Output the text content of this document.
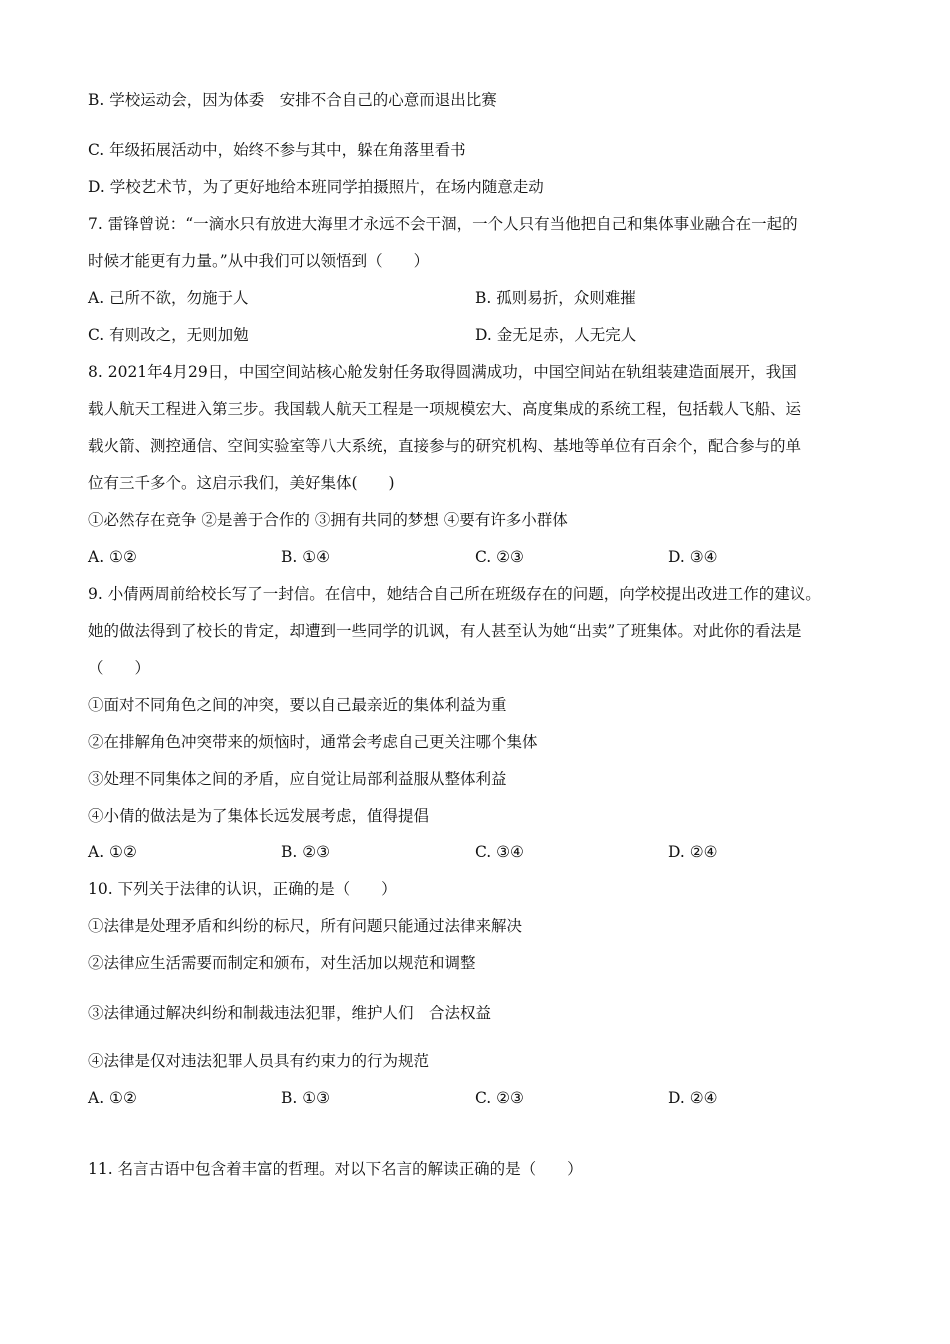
B. 学校运动会，因为体委　安排不合自己的心意而退出比赛
C. 年级拓展活动中，始终不参与其中，躲在角落里看书
D. 学校艺术节，为了更好地给本班同学拍摄照片，在场内随意走动
7. 雷锋曾说：“一滴水只有放进大海里才永远不会干涸，一个人只有当他把自己和集体事业融合在一起的
时候才能更有力量。”从中我们可以领悟到（　　）
A. 己所不欲，勿施于人	B. 孤则易折，众则难摧
C. 有则改之，无则加勉	D. 金无足赤，人无完人
8. 2021年4月29日，中国空间站核心舱发射任务取得圆满成功，中国空间站在轨组装建造面展开，我国
载人航天工程进入第三步。我国载人航天工程是一项规模宏大、高度集成的系统工程，包括载人飞船、运
载火箭、测控通信、空间实验室等八大系统，直接参与的研究机构、基地等单位有百余个，配合参与的单
位有三千多个。这启示我们，美好集体(　　)
①必然存在竞争 ②是善于合作的 ③拥有共同的梦想 ④要有许多小群体
A. ①②	B. ①④	C. ②③	D. ③④
9. 小倩两周前给校长写了一封信。在信中，她结合自己所在班级存在的问题，向学校提出改进工作的建议。
她的做法得到了校长的肯定，却遭到一些同学的讥讽，有人甚至认为她“出卖”了班集体。对此你的看法是
（　　）
①面对不同角色之间的冲突，要以自己最亲近的集体利益为重
②在排解角色冲突带来的烦恼时，通常会考虑自己更关注哪个集体
③处理不同集体之间的矛盾，应自觉让局部利益服从整体利益
④小倩的做法是为了集体长远发展考虑，值得提倡
A. ①②	B. ②③	C. ③④	D. ②④
10. 下列关于法律的认识，正确的是（　　）
①法律是处理矛盾和纠纷的标尺，所有问题只能通过法律来解决
②法律应生活需要而制定和颁布，对生活加以规范和调整
③法律通过解决纠纷和制裁违法犯罪，维护人们　合法权益
④法律是仅对违法犯罪人员具有约束力的行为规范
A. ①②	B. ①③	C. ②③	D. ②④
11. 名言古语中包含着丰富的哲理。对以下名言的解读正确的是（　　）
